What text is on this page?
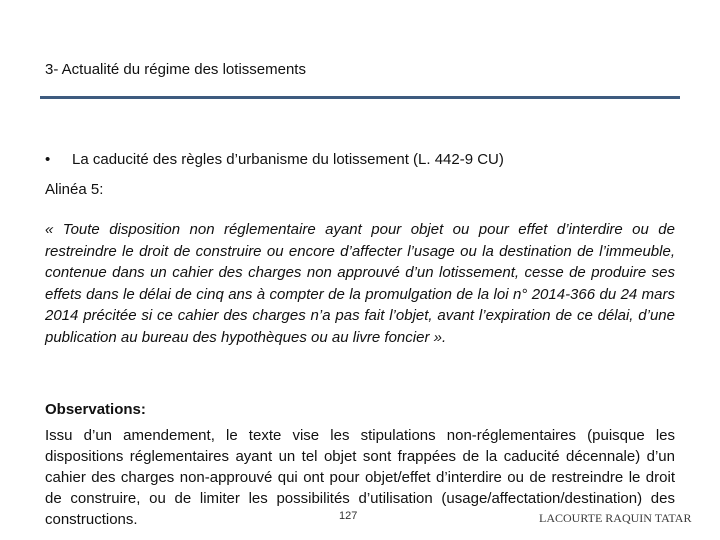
3- Actualité du régime des lotissements
• La caducité des règles d’urbanisme du lotissement (L. 442-9 CU)
Alinéa 5:

« Toute disposition non réglementaire ayant pour objet ou pour effet d’interdire ou de restreindre le droit de construire ou encore d’affecter l’usage ou la destination de l’immeuble, contenue dans un cahier des charges non approuvé d’un lotissement, cesse de produire ses effets dans le délai de cinq ans à compter de la promulgation de la loi n° 2014-366 du 24 mars 2014 précitée si ce cahier des charges n’a pas fait l’objet, avant l’expiration de ce délai, d’une publication au bureau des hypothèques ou au livre foncier ».

Observations:

Issu d’un amendement, le texte vise les stipulations non-réglementaires (puisque les dispositions réglementaires ayant un tel objet sont frappées de la caducité décennale) d’un cahier des charges non-approuvé qui ont pour objet/effet d’interdire ou de restreindre le droit de construire, ou de limiter les possibilités d’utilisation (usage/affectation/destination) des constructions.	127	LACOURTE RAQUIN TATAR
